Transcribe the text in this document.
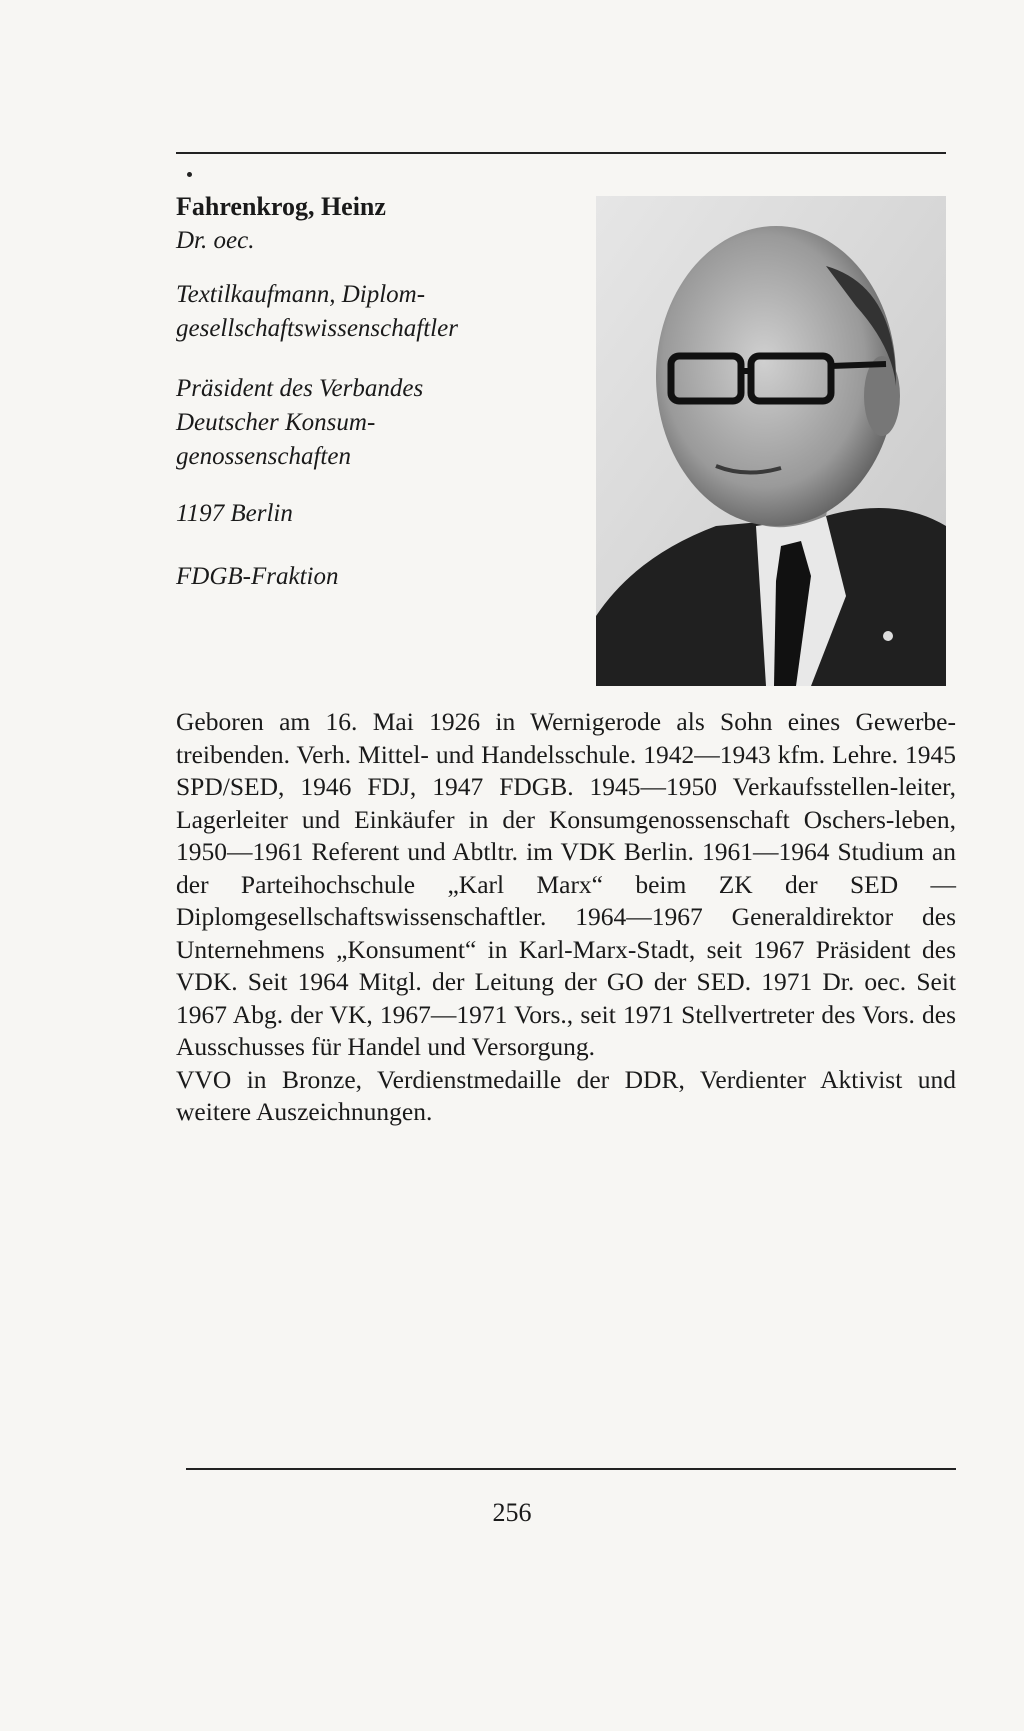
Fahrenkrog, Heinz

Dr. oec.

Textilkaufmann, Diplom-
gesellschaftswissenschaftler

Präsident des Verbandes
Deutscher Konsum-
genossenschaften

1197 Berlin

FDGB-Fraktion

Geboren am 16. Mai 1926 in Wernigerode als Sohn eines Gewerbe-treibenden. Verh. Mittel- und Handelsschule. 1942—1943 kfm. Lehre. 1945 SPD/SED, 1946 FDJ, 1947 FDGB. 1945—1950 Verkaufsstellen-leiter, Lagerleiter und Einkäufer in der Konsumgenossenschaft Oschers-leben, 1950—1961 Referent und Abtltr. im VDK Berlin. 1961—1964 Studium an der Parteihochschule „Karl Marx“ beim ZK der SED — Diplomgesellschaftswissenschaftler. 1964—1967 Generaldirektor des Unternehmens „Konsument“ in Karl-Marx-Stadt, seit 1967 Präsident des VDK. Seit 1964 Mitgl. der Leitung der GO der SED. 1971 Dr. oec. Seit 1967 Abg. der VK, 1967—1971 Vors., seit 1971 Stellvertreter des Vors. des Ausschusses für Handel und Versorgung.

VVO in Bronze, Verdienstmedaille der DDR, Verdienter Aktivist und weitere Auszeichnungen.

256
